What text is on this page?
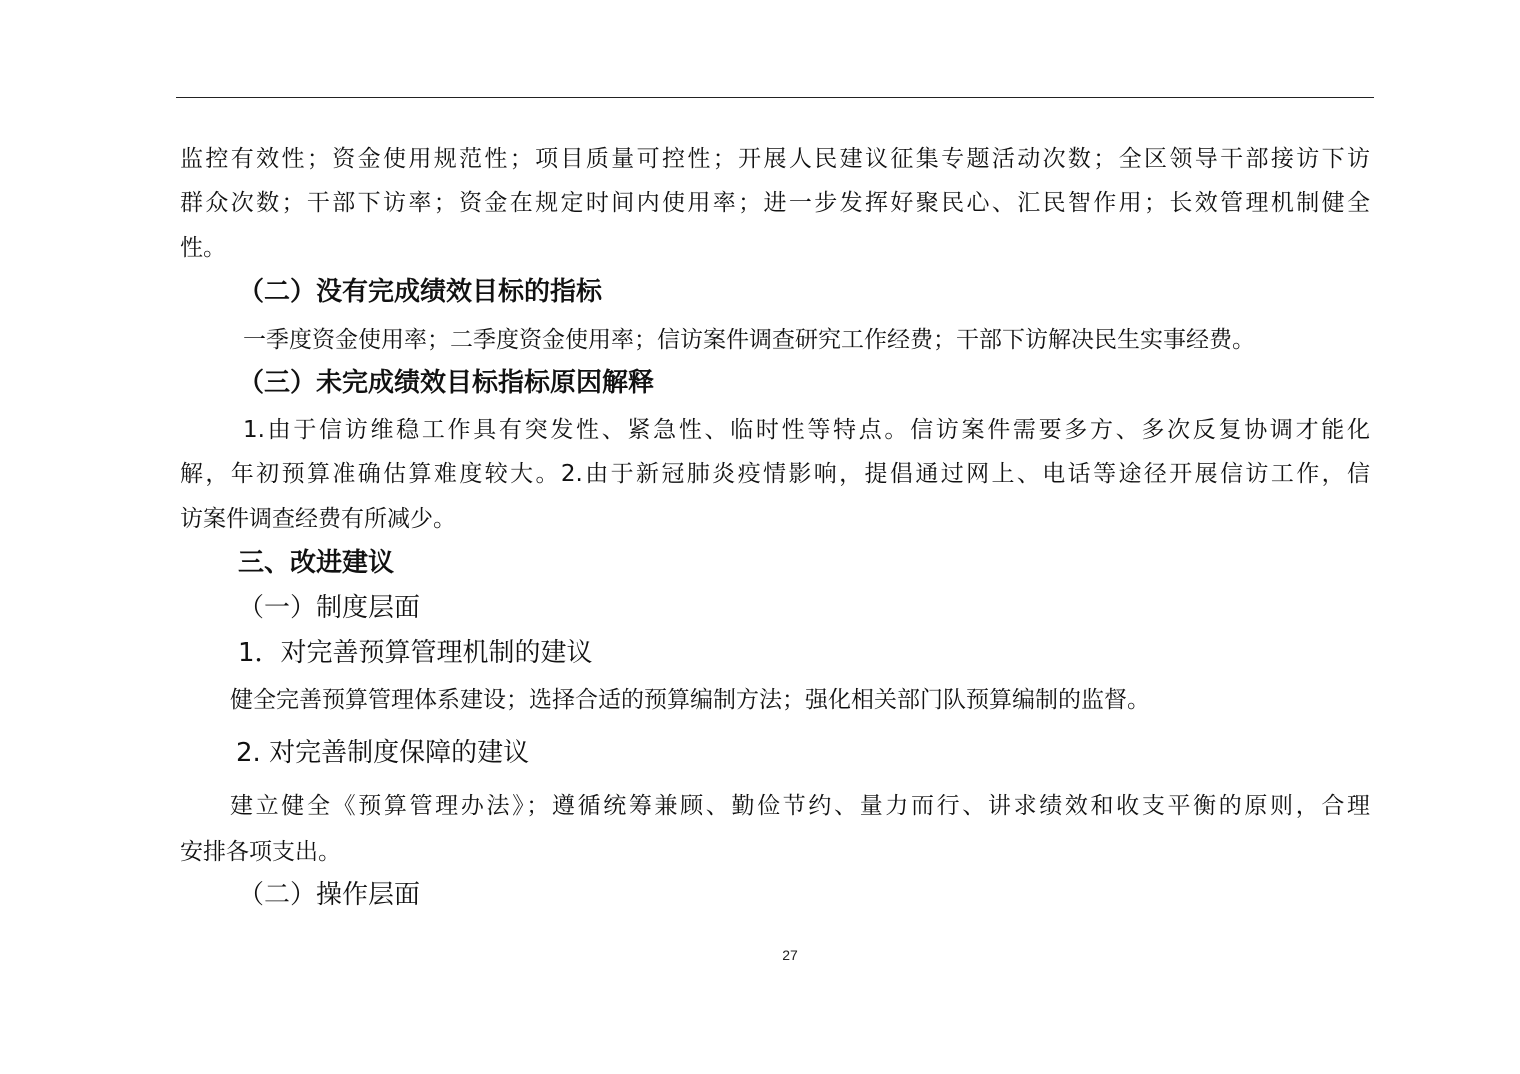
监控有效性；资金使用规范性；项目质量可控性；开展人民建议征集专题活动次数；全区领导干部接访下访
群众次数；干部下访率；资金在规定时间内使用率；进一步发挥好聚民心、汇民智作用；长效管理机制健全
性。
（二）没有完成绩效目标的指标
一季度资金使用率；二季度资金使用率；信访案件调查研究工作经费；干部下访解决民生实事经费。
（三）未完成绩效目标指标原因解释
1.由于信访维稳工作具有突发性、紧急性、临时性等特点。信访案件需要多方、多次反复协调才能化
解，年初预算准确估算难度较大。2.由于新冠肺炎疫情影响，提倡通过网上、电话等途径开展信访工作，信
访案件调查经费有所减少。
三、改进建议
（一）制度层面
1．对完善预算管理机制的建议
健全完善预算管理体系建设；选择合适的预算编制方法；强化相关部门队预算编制的监督。
2. 对完善制度保障的建议
建立健全《预算管理办法》；遵循统筹兼顾、勤俭节约、量力而行、讲求绩效和收支平衡的原则，合理
安排各项支出。
（二）操作层面
27
